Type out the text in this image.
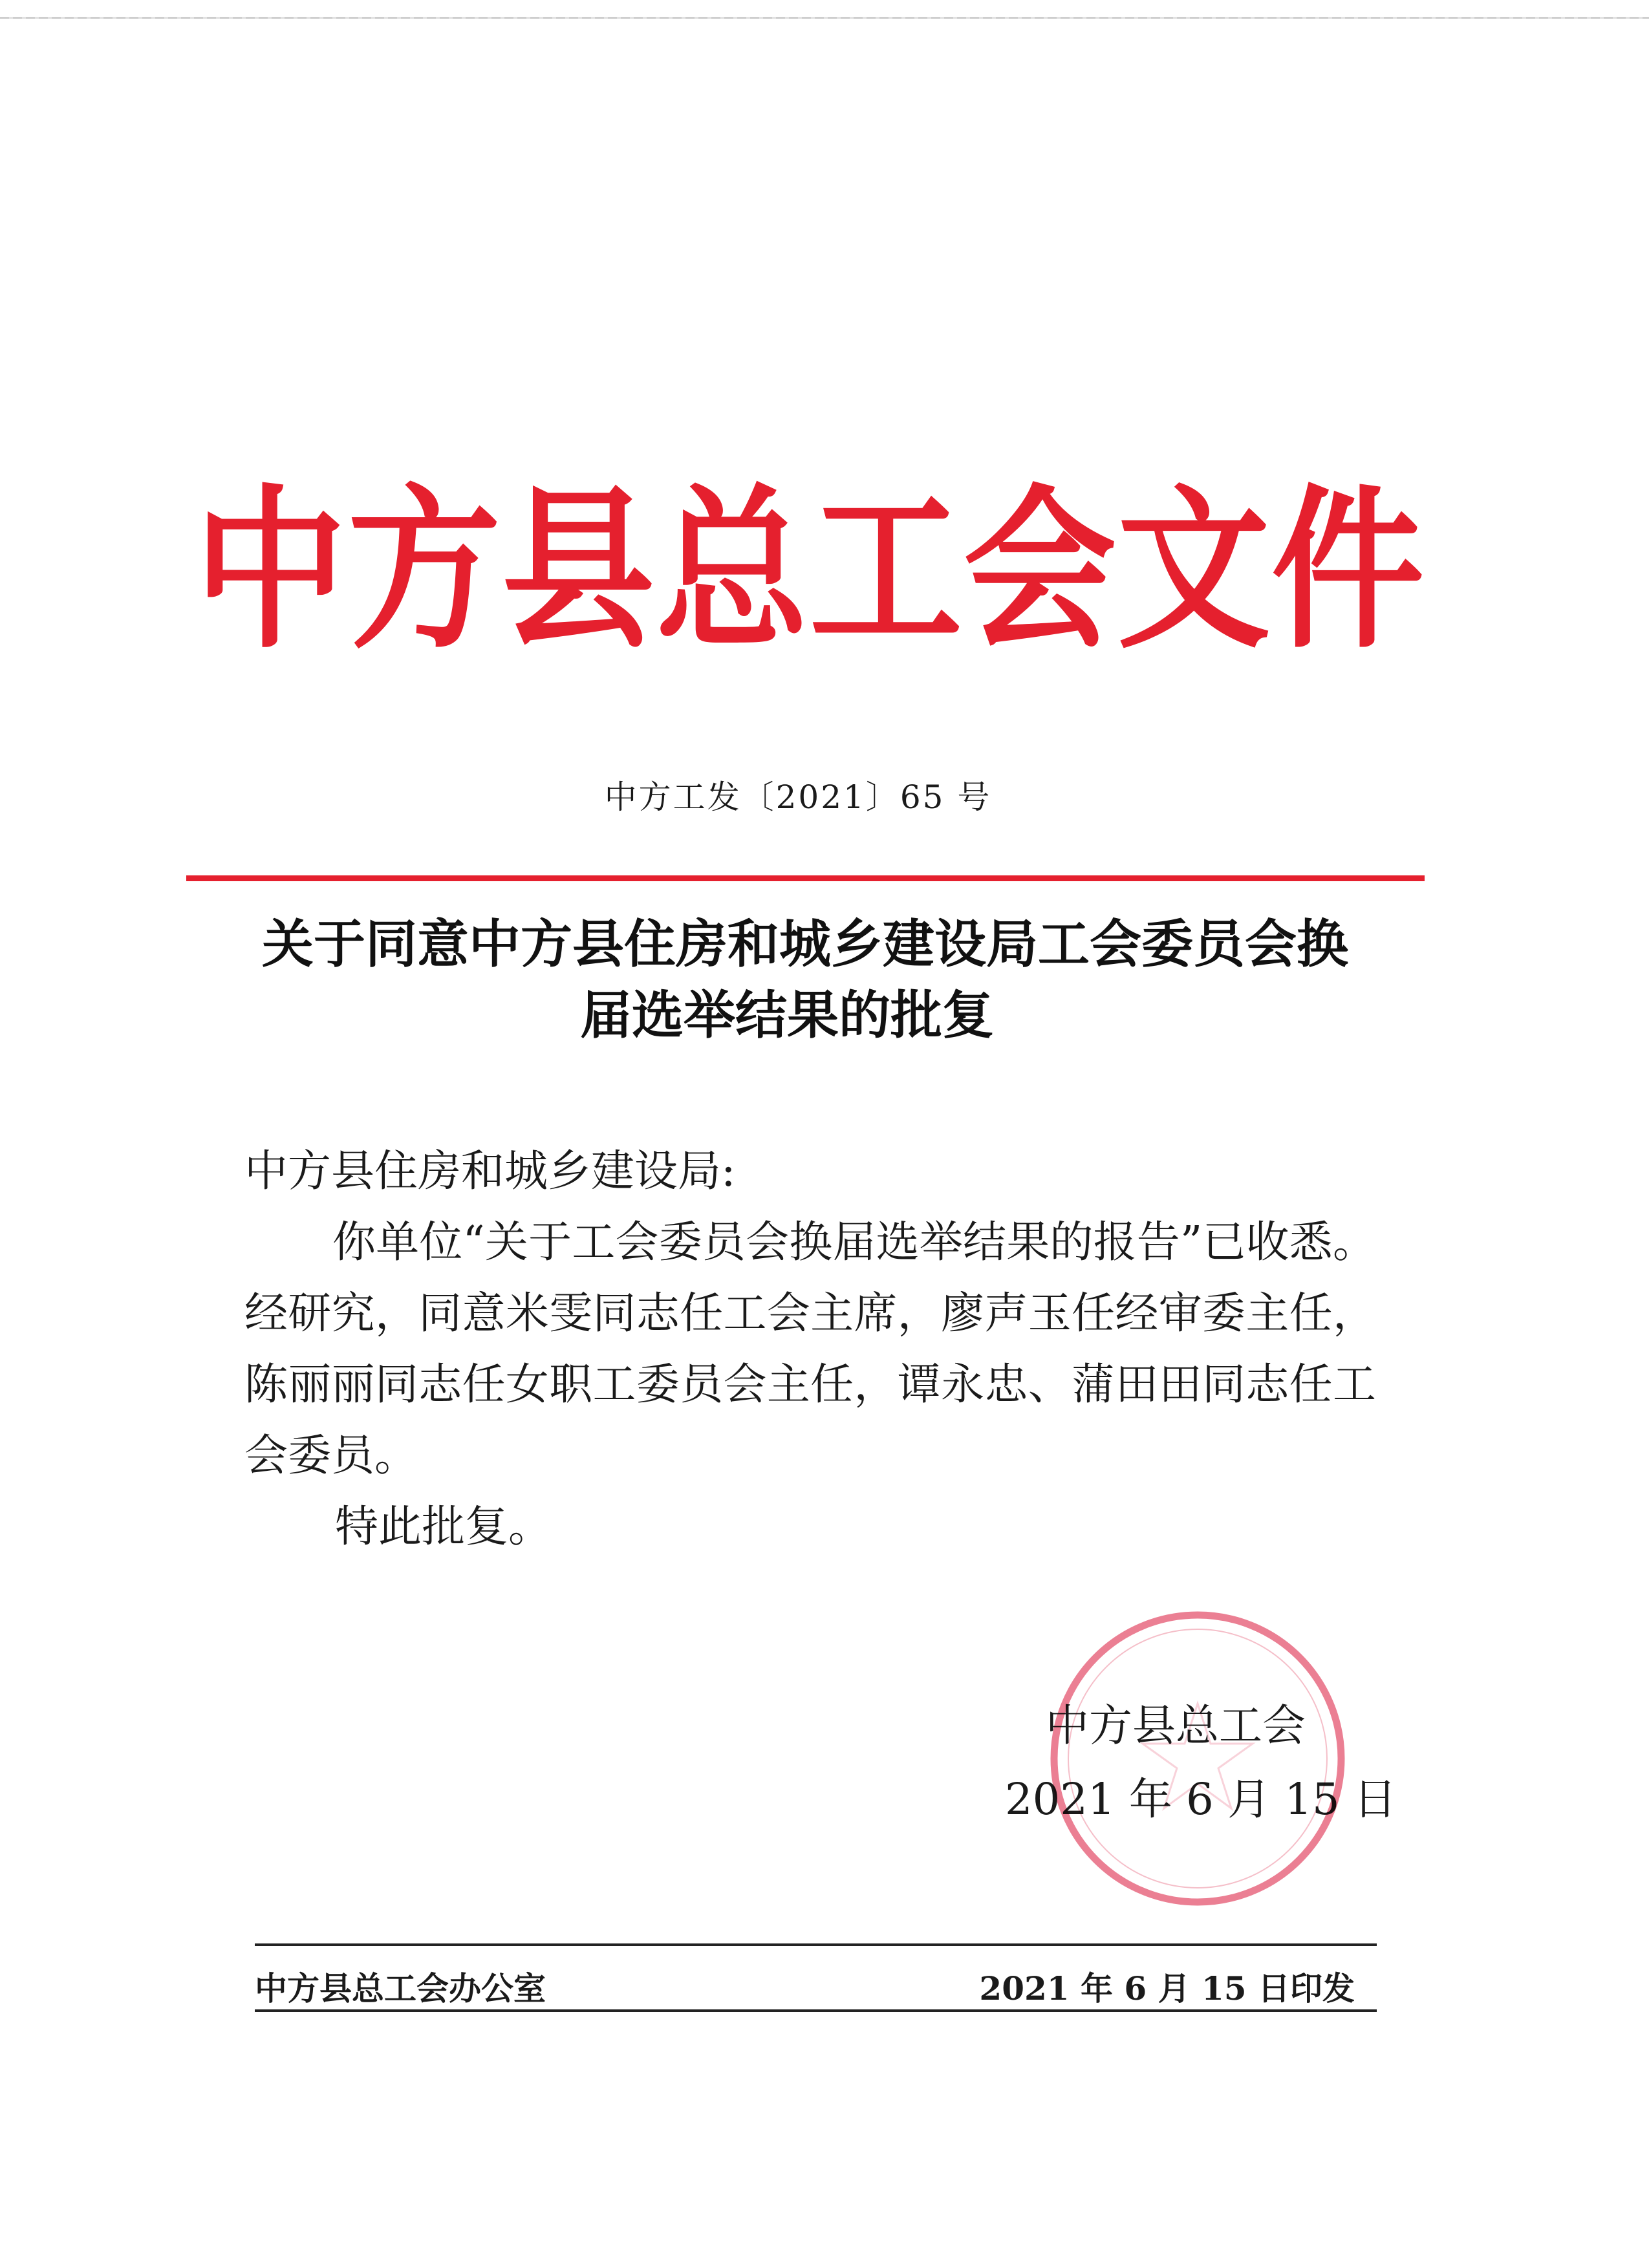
中方县总工会文件
中方工发〔2021〕65 号
关于同意中方县住房和城乡建设局工会委员会换
届选举结果的批复
中方县住房和城乡建设局:
你单位“关于工会委员会换届选举结果的报告”已收悉。
经研究，同意米雯同志任工会主席，廖声玉任经审委主任，
陈丽丽同志任女职工委员会主任，谭永忠、蒲田田同志任工
会委员。
特此批复。
中方县总工会
2021 年 6 月 15 日
中方县总工会办公室	2021 年 6 月 15 日印发
